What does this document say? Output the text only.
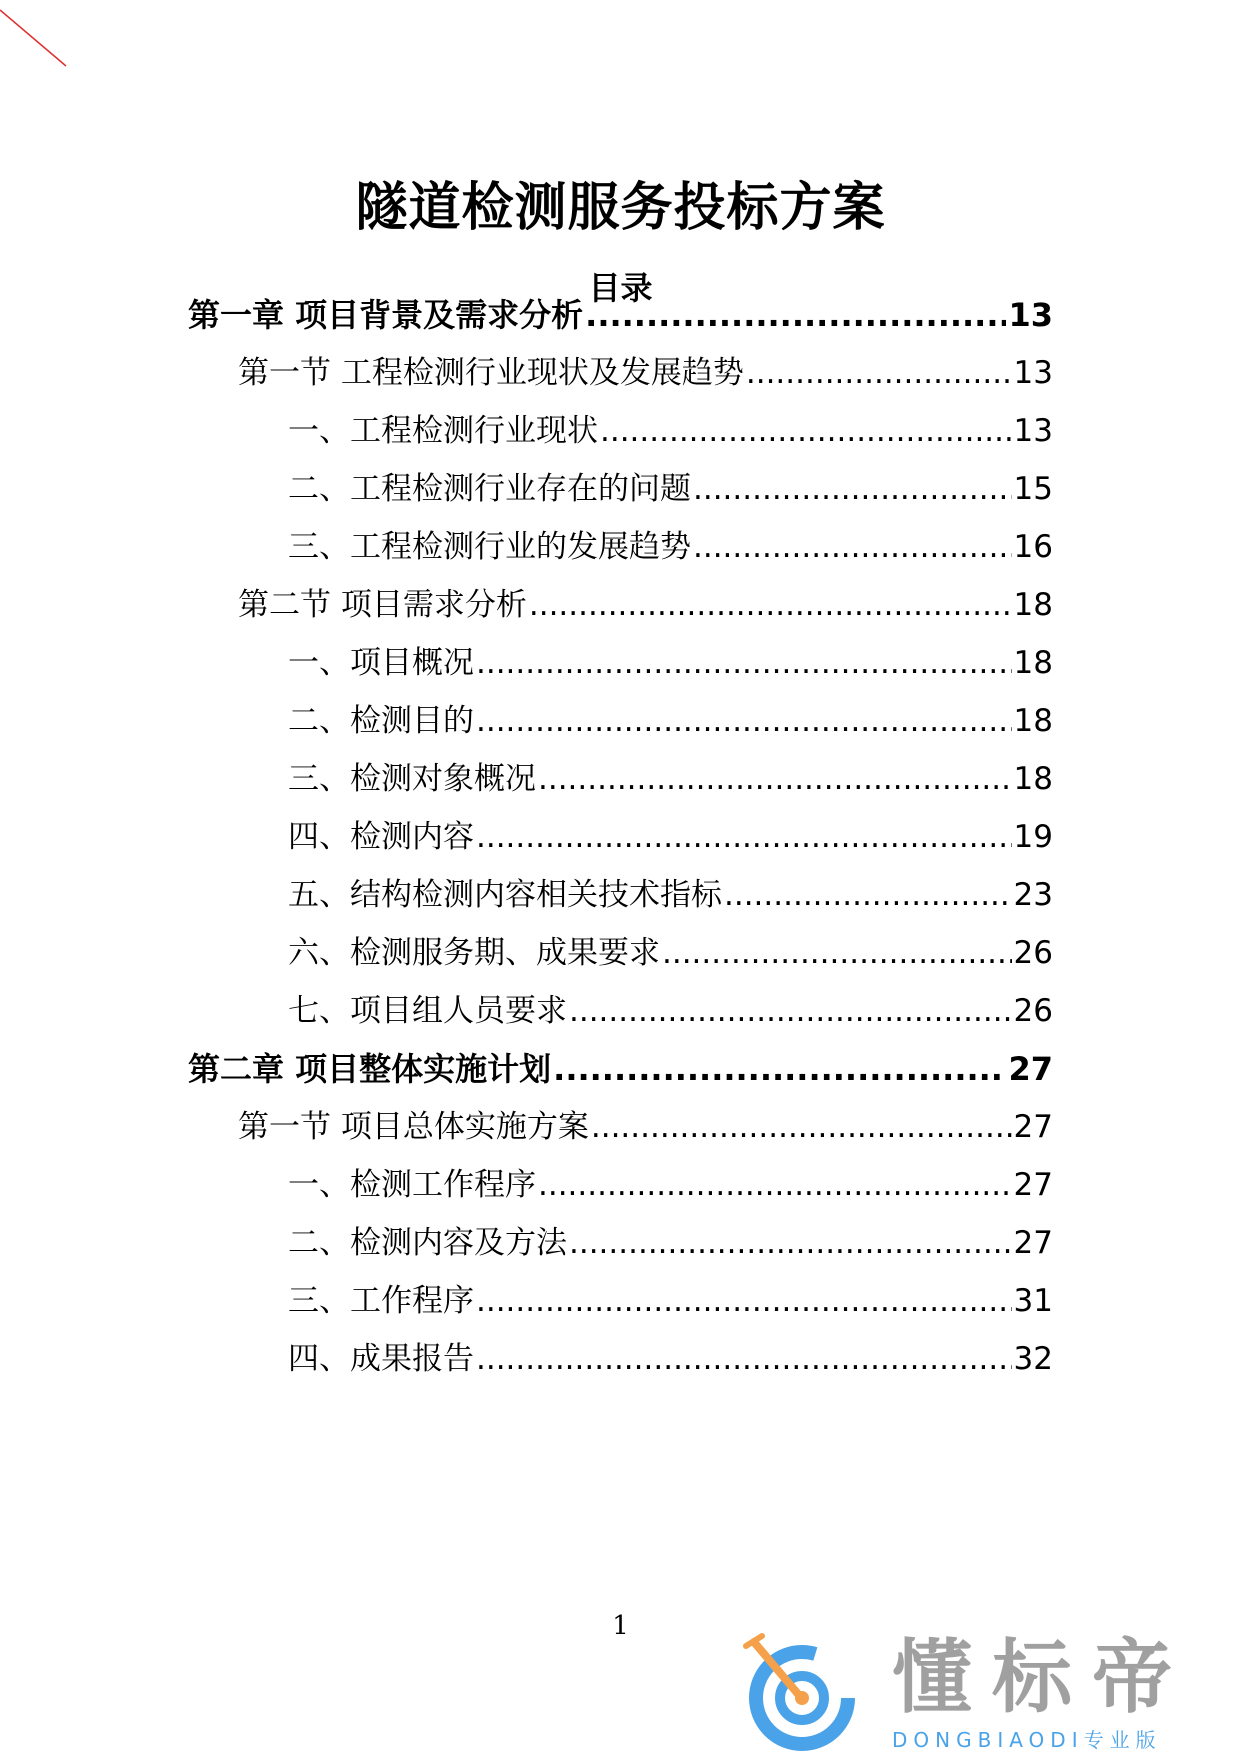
隧道检测服务投标方案
目录
第一章 项目背景及需求分析 .....	13
第一节 工程检测行业现状及发展趋势 .....	13
一、工程检测行业现状 .....	13
二、工程检测行业存在的问题 .....	15
三、工程检测行业的发展趋势 .....	16
第二节 项目需求分析 .....	18
一、项目概况 .....	18
二、检测目的 .....	18
三、检测对象概况 .....	18
四、检测内容 .....	19
五、结构检测内容相关技术指标 .....	23
六、检测服务期、成果要求 .....	26
七、项目组人员要求 .....	26
第二章 项目整体实施计划 .....	27
第一节 项目总体实施方案 .....	27
一、检测工作程序 .....	27
二、检测内容及方法 .....	27
三、工作程序 .....	31
四、成果报告 .....	32
1
懂标帝
DONGBIAODI专业版
